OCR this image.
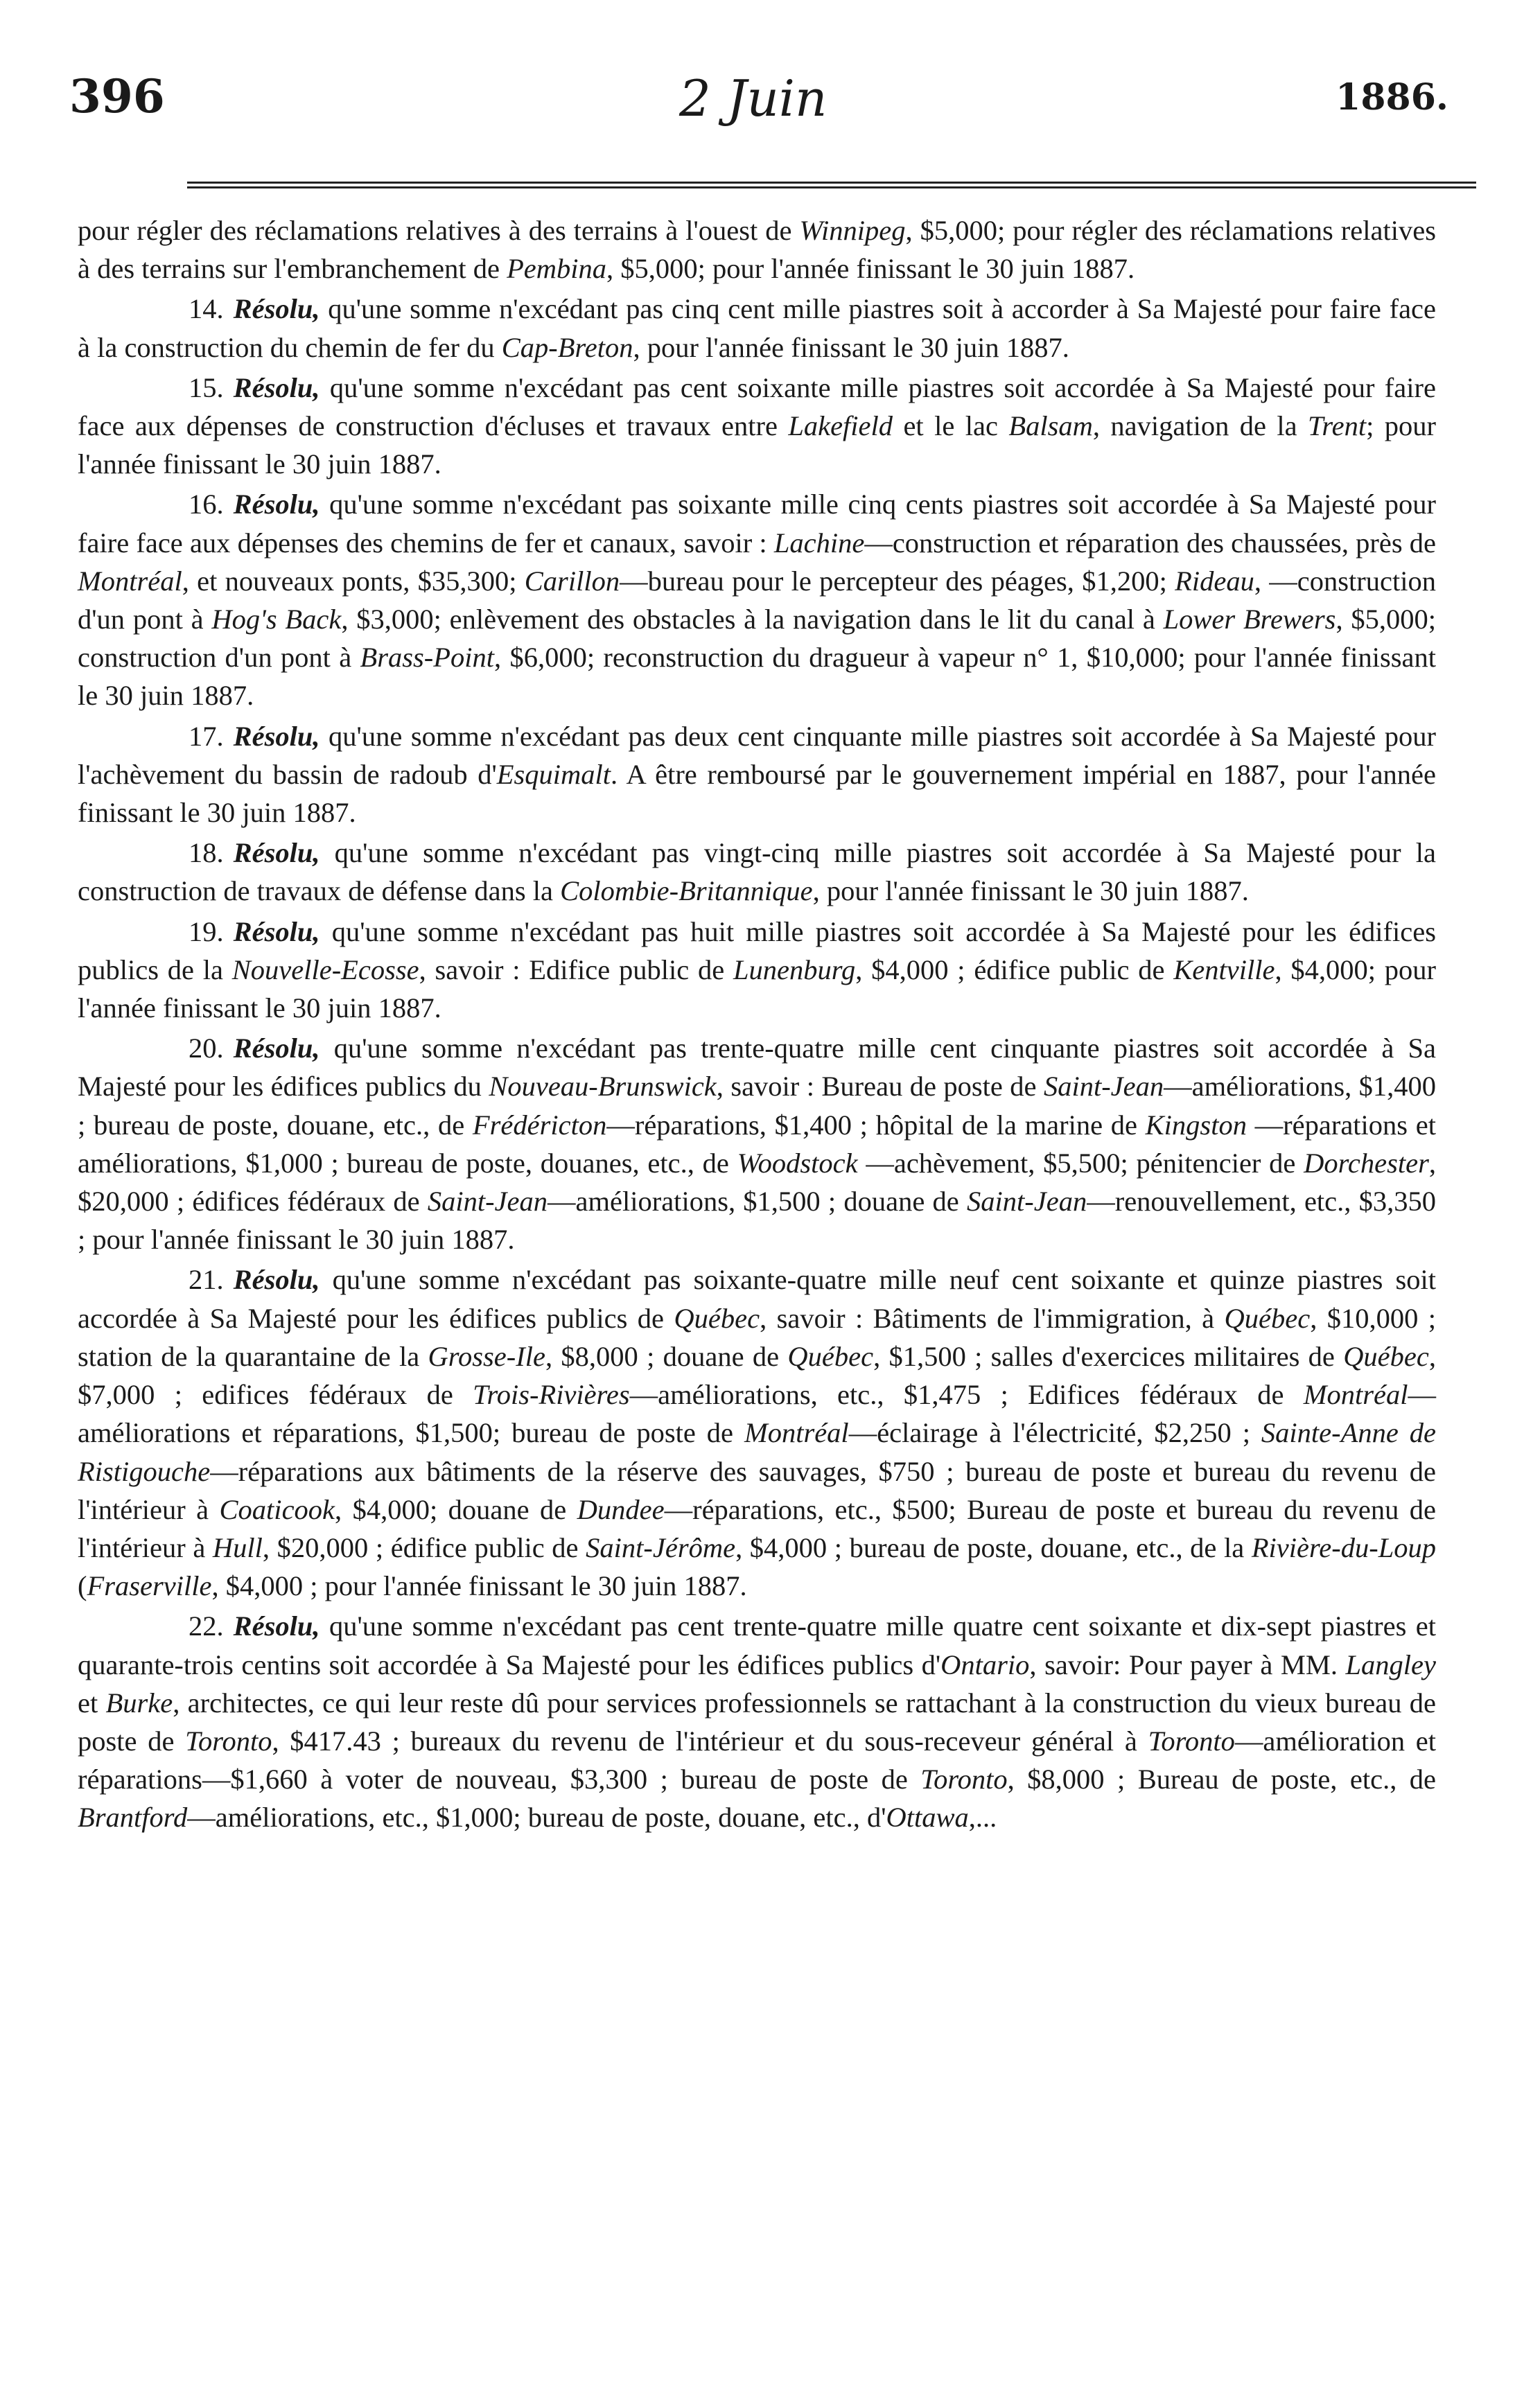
396	2 Juin	1886.

pour régler des réclamations relatives à des terrains à l'ouest de Winnipeg, $5,000; pour régler des réclamations relatives à des terrains sur l'embranchement de Pembina, $5,000; pour l'année finissant le 30 juin 1887.

14. Résolu, qu'une somme n'excédant pas cinq cent mille piastres soit à accorder à Sa Majesté pour faire face à la construction du chemin de fer du Cap-Breton, pour l'année finissant le 30 juin 1887.

15. Résolu, qu'une somme n'excédant pas cent soixante mille piastres soit accordée à Sa Majesté pour faire face aux dépenses de construction d'écluses et travaux entre Lakefield et le lac Balsam, navigation de la Trent; pour l'année finissant le 30 juin 1887.

16. Résolu, qu'une somme n'excédant pas soixante mille cinq cents piastres soit accordée à Sa Majesté pour faire face aux dépenses des chemins de fer et canaux, savoir : Lachine—construction et réparation des chaussées, près de Montréal, et nouveaux ponts, $35,300; Carillon—bureau pour le percepteur des péages, $1,200; Rideau, —construction d'un pont à Hog's Back, $3,000; enlèvement des obstacles à la navigation dans le lit du canal à Lower Brewers, $5,000; construction d'un pont à Brass-Point, $6,000; reconstruction du dragueur à vapeur n° 1, $10,000; pour l'année finissant le 30 juin 1887.

17. Résolu, qu'une somme n'excédant pas deux cent cinquante mille piastres soit accordée à Sa Majesté pour l'achèvement du bassin de radoub d'Esquimalt. A être remboursé par le gouvernement impérial en 1887, pour l'année finissant le 30 juin 1887.

18. Résolu, qu'une somme n'excédant pas vingt-cinq mille piastres soit accordée à Sa Majesté pour la construction de travaux de défense dans la Colombie-Britannique, pour l'année finissant le 30 juin 1887.

19. Résolu, qu'une somme n'excédant pas huit mille piastres soit accordée à Sa Majesté pour les édifices publics de la Nouvelle-Ecosse, savoir : Edifice public de Lunenburg, $4,000 ; édifice public de Kentville, $4,000; pour l'année finissant le 30 juin 1887.

20. Résolu, qu'une somme n'excédant pas trente-quatre mille cent cinquante piastres soit accordée à Sa Majesté pour les édifices publics du Nouveau-Brunswick, savoir : Bureau de poste de Saint-Jean—améliorations, $1,400 ; bureau de poste, douane, etc., de Frédéricton—réparations, $1,400 ; hôpital de la marine de Kingston —réparations et améliorations, $1,000 ; bureau de poste, douanes, etc., de Woodstock —achèvement, $5,500; pénitencier de Dorchester, $20,000 ; édifices fédéraux de Saint-Jean—améliorations, $1,500 ; douane de Saint-Jean—renouvellement, etc., $3,350 ; pour l'année finissant le 30 juin 1887.

21. Résolu, qu'une somme n'excédant pas soixante-quatre mille neuf cent soixante et quinze piastres soit accordée à Sa Majesté pour les édifices publics de Québec, savoir : Bâtiments de l'immigration, à Québec, $10,000 ; station de la quarantaine de la Grosse-Ile, $8,000 ; douane de Québec, $1,500 ; salles d'exercices militaires de Québec, $7,000 ; edifices fédéraux de Trois-Rivières—améliorations, etc., $1,475 ; Edifices fédéraux de Montréal—améliorations et réparations, $1,500; bureau de poste de Montréal—éclairage à l'électricité, $2,250 ; Sainte-Anne de Ristigouche—réparations aux bâtiments de la réserve des sauvages, $750 ; bureau de poste et bureau du revenu de l'intérieur à Coaticook, $4,000; douane de Dundee—réparations, etc., $500; Bureau de poste et bureau du revenu de l'intérieur à Hull, $20,000 ; édifice public de Saint-Jérôme, $4,000 ; bureau de poste, douane, etc., de la Rivière-du-Loup (Fraserville, $4,000 ; pour l'année finissant le 30 juin 1887.

22. Résolu, qu'une somme n'excédant pas cent trente-quatre mille quatre cent soixante et dix-sept piastres et quarante-trois centins soit accordée à Sa Majesté pour les édifices publics d'Ontario, savoir: Pour payer à MM. Langley et Burke, architectes, ce qui leur reste dû pour services professionnels se rattachant à la construction du vieux bureau de poste de Toronto, $417.43 ; bureaux du revenu de l'intérieur et du sous-receveur général à Toronto—amélioration et réparations—$1,660 à voter de nouveau, $3,300 ; bureau de poste de Toronto, $8,000 ; Bureau de poste, etc., de Brantford—améliorations, etc., $1,000; bureau de poste, douane, etc., d'Ottawa,...
